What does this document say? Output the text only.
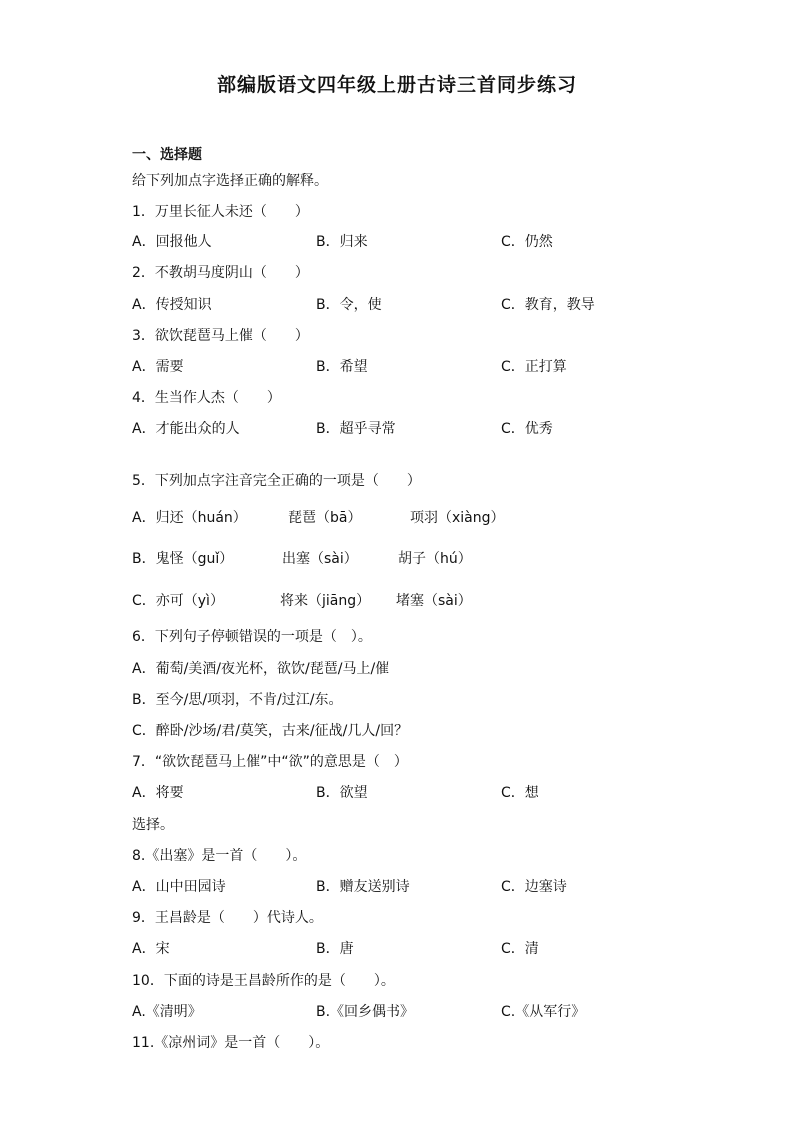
部编版语文四年级上册古诗三首同步练习
一、选择题
给下列加点字选择正确的解释。
1．万里长征人未还（　　）
A．回报他人	B．归来	C．仍然
2．不教胡马度阴山（　　）
A．传授知识	B．令，使	C．教育，教导
3．欲饮琵琶马上催（　　）
A．需要	B．希望	C．正打算
4．生当作人杰（　　）
A．才能出众的人	B．超乎寻常	C．优秀
5．下列加点字注音完全正确的一项是（　　）
A．归还（huán）	琵琶（bā）	项羽（xiàng）
B．鬼怪（guǐ）	出塞（sài）	胡子（hú）
C．亦可（yì）	将来（jiāng） 堵塞（sài）
6．下列句子停顿错误的一项是（　）。
A．葡萄/美酒/夜光杯，欲饮/琵琶/马上/催
B．至今/思/项羽，不肯/过江/东。
C．醉卧/沙场/君/莫笑，古来/征战/几人/回？
7．“欲饮琵琶马上催”中“欲”的意思是（　）
A．将要	B．欲望	C．想
选择。
8.《出塞》是一首（　　）。
A．山中田园诗	B．赠友送别诗	C．边塞诗
9．王昌龄是（　　）代诗人。
A．宋	B．唐	C．清
10．下面的诗是王昌龄所作的是（　　）。
A.《清明》	B.《回乡偶书》	C.《从军行》
11.《凉州词》是一首（　　）。
